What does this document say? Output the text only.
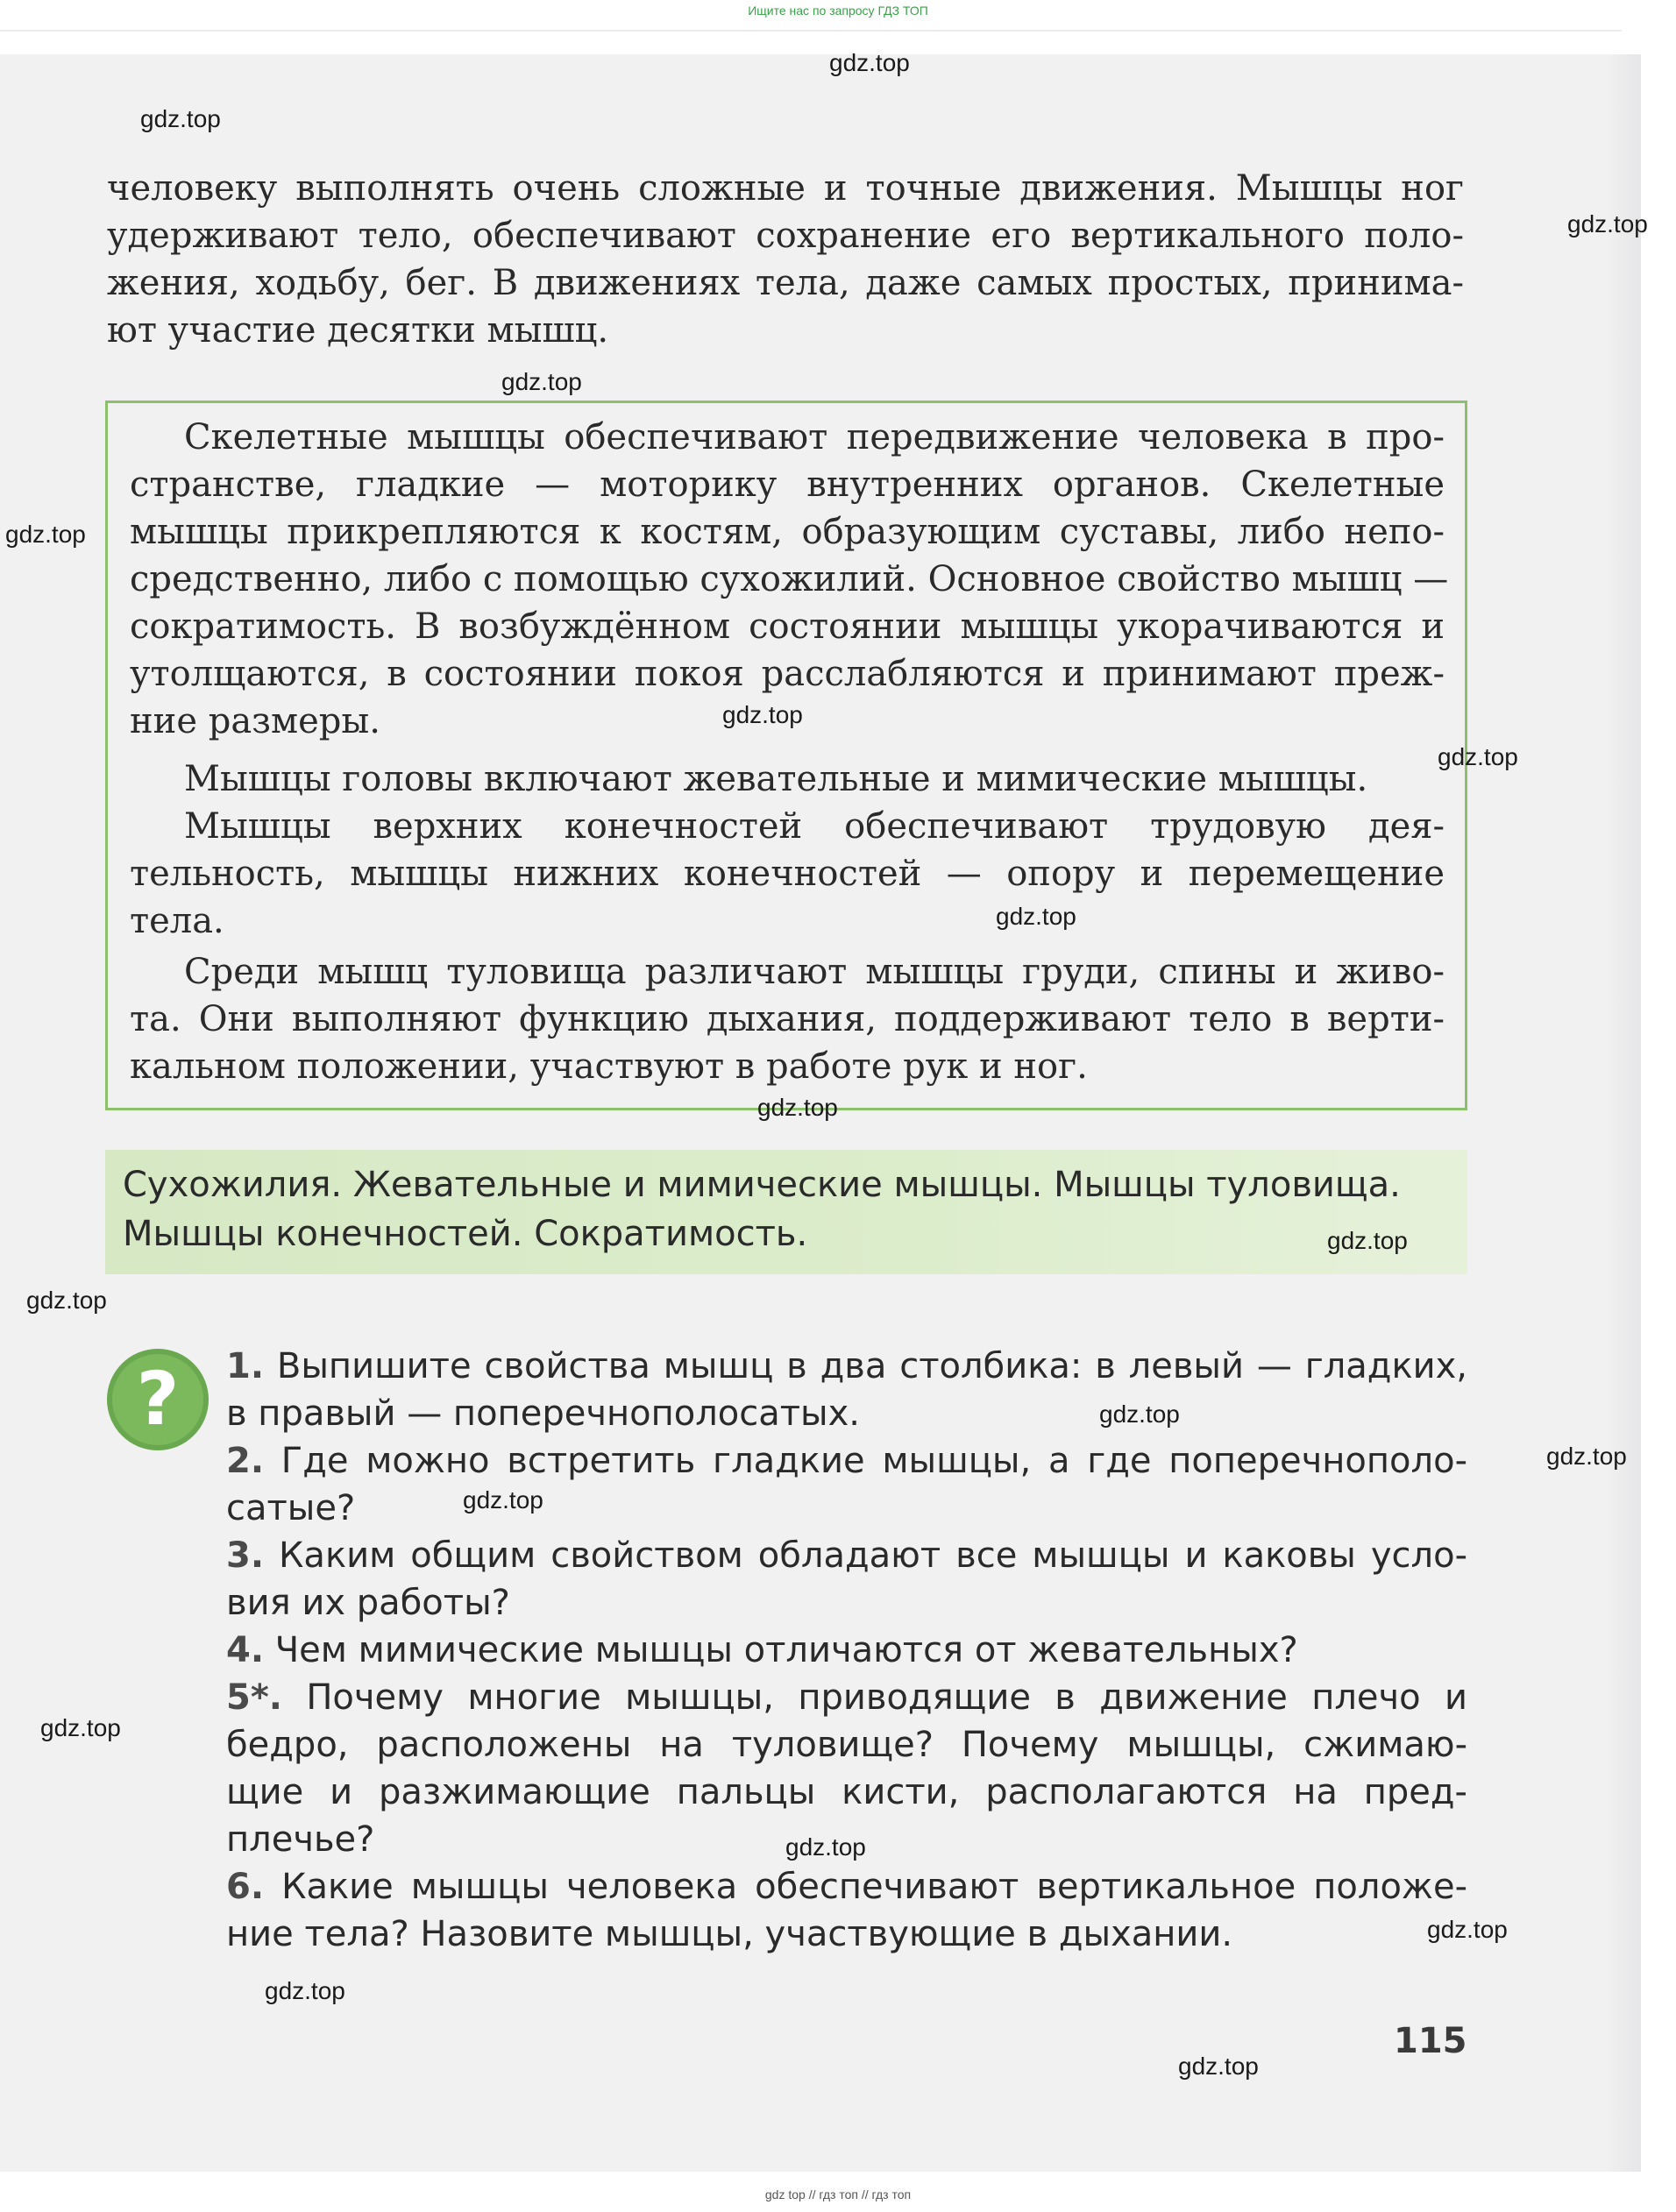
Ищите нас по запросу ГДЗ ТОП

человеку выполнять очень сложные и точные движения. Мышцы ног
удерживают тело, обеспечивают сохранение его вертикального поло-
жения, ходьбу, бег. В движениях тела, даже самых простых, принима-
ют участие десятки мышц.

Скелетные мышцы обеспечивают передвижение человека в про-
странстве, гладкие — моторику внутренних органов. Скелетные
мышцы прикрепляются к костям, образующим суставы, либо непо-
средственно, либо с помощью сухожилий. Основное свойство мышц —
сократимость. В возбуждённом состоянии мышцы укорачиваются и
утолщаются, в состоянии покоя расслабляются и принимают преж-
ние размеры.

Мышцы головы включают жевательные и мимические мышцы.

Мышцы верхних конечностей обеспечивают трудовую дея-
тельность, мышцы нижних конечностей — опору и перемещение
тела.

Среди мышц туловища различают мышцы груди, спины и живо-
та. Они выполняют функцию дыхания, поддерживают тело в верти-
кальном положении, участвуют в работе рук и ног.

Сухожилия. Жевательные и мимические мышцы. Мышцы туловища.
Мышцы конечностей. Сократимость.

? 1. Выпишите свойства мышц в два столбика: в левый — гладких,
в правый — поперечнополосатых.

2. Где можно встретить гладкие мышцы, а где поперечнополо-
сатые?

3. Каким общим свойством обладают все мышцы и каковы усло-
вия их работы?

4. Чем мимические мышцы отличаются от жевательных?

5*. Почему многие мышцы, приводящие в движение плечо и
бедро, расположены на туловище? Почему мышцы, сжимаю-
щие и разжимающие пальцы кисти, располагаются на пред-
плечье?

6. Какие мышцы человека обеспечивают вертикальное положе-
ние тела? Назовите мышцы, участвующие в дыхании.

115
gdz.top
gdz.top
gdz.top
gdz.top
gdz.top
gdz.top
gdz.top
gdz.top
gdz.top
gdz.top
gdz.top
gdz.top
gdz.top
gdz.top
gdz.top
gdz.top
gdz.top
gdz.top
gdz.top
gdz top // гдз топ // гдз топ
